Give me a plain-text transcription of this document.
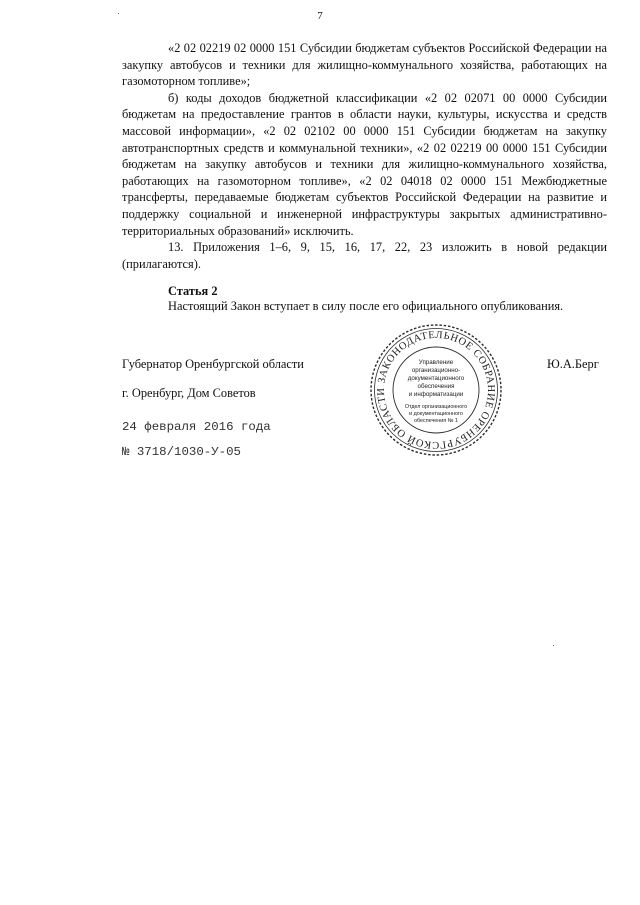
7

«2 02 02219 02 0000 151 Субсидии бюджетам субъектов Российской Федерации на закупку автобусов и техники для жилищно-коммунального хозяйства, работающих на газомоторном топливе»;

б) коды доходов бюджетной классификации «2 02 02071 00 0000 Субсидии бюджетам на предоставление грантов в области науки, культуры, искусства и средств массовой информации», «2 02 02102 00 0000 151 Субсидии бюджетам на закупку автотранспортных средств и коммунальной техники», «2 02 02219 00 0000 151 Субсидии бюджетам на закупку автобусов и техники для жилищно-коммунального хозяйства, работающих на газомоторном топливе», «2 02 04018 02 0000 151 Межбюджетные трансферты, передаваемые бюджетам субъектов Российской Федерации на развитие и поддержку социальной и инженерной инфраструктуры закрытых административно-территориальных образований» исключить.

13. Приложения 1–6, 9, 15, 16, 17, 22, 23 изложить в новой редакции (прилагаются).

Статья 2
Настоящий Закон вступает в силу после его официального опубликования.
Губернатор Оренбургской области	Ю.А.Берг
г. Оренбург, Дом Советов
24 февраля 2016 года
№ 3718/1030-У-05
ЗАКОНОДАТЕЛЬНОЕ СОБРАНИЕ ОРЕНБУРГСКОЙ ОБЛАСТИ
Управление
организационно-
документационного
обеспечения
и информатизации
Отдел организационного
и документационного
обеспечения № 1
